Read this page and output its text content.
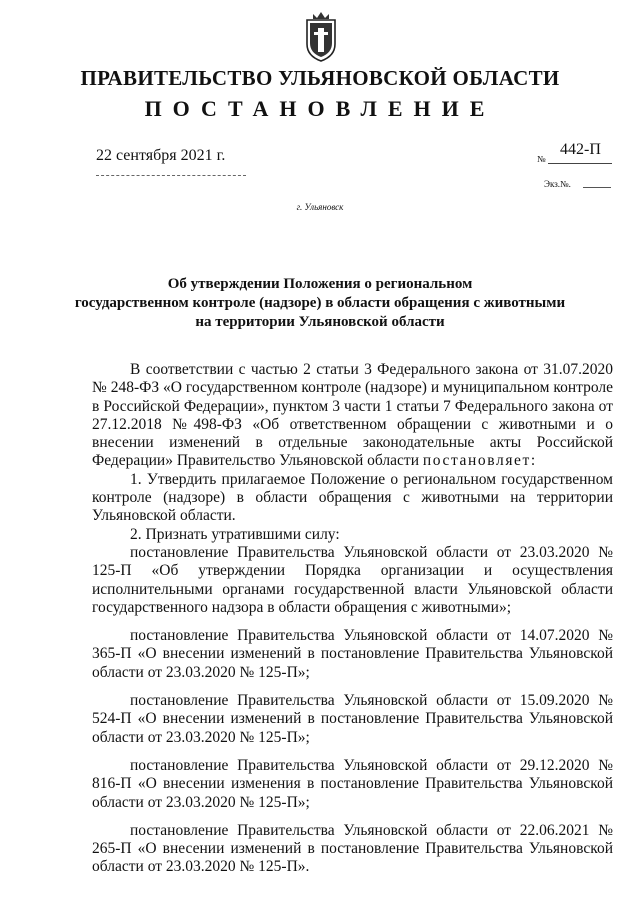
ПРАВИТЕЛЬСТВО УЛЬЯНОВСКОЙ ОБЛАСТИ
ПОСТАНОВЛЕНИЕ
22 сентября 2021 г.	№
442-П
Экз.№.
г. Ульяновск
Об утверждении Положения о региональном
государственном контроле (надзоре) в области обращения с животными
на территории Ульяновской области

В соответствии с частью 2 статьи 3 Федерального закона от 31.07.2020 № 248-ФЗ «О государственном контроле (надзоре) и муниципальном контроле в Российской Федерации», пунктом 3 части 1 статьи 7 Федерального закона от 27.12.2018 №498-ФЗ «Об ответственном обращении с животными и о внесении изменений в отдельные законодательные акты Российской Федерации» Правительство Ульяновской области постановляет:

1. Утвердить прилагаемое Положение о региональном государственном контроле (надзоре) в области обращения с животными на территории Ульяновской области.

2. Признать утратившими силу:

постановление Правительства Ульяновской области от 23.03.2020 № 125-П «Об утверждении Порядка организации и осуществления исполнительными органами государственной власти Ульяновской области государственного надзора в области обращения с животными»;

постановление Правительства Ульяновской области от 14.07.2020 № 365-П «О внесении изменений в постановление Правительства Ульяновской области от 23.03.2020 № 125-П»;

постановление Правительства Ульяновской области от 15.09.2020 № 524-П «О внесении изменений в постановление Правительства Ульяновской области от 23.03.2020 № 125-П»;

постановление Правительства Ульяновской области от 29.12.2020 № 816-П «О внесении изменения в постановление Правительства Ульяновской области от 23.03.2020 № 125-П»;

постановление Правительства Ульяновской области от 22.06.2021 № 265-П «О внесении изменений в постановление Правительства Ульяновской области от 23.03.2020 № 125-П».
